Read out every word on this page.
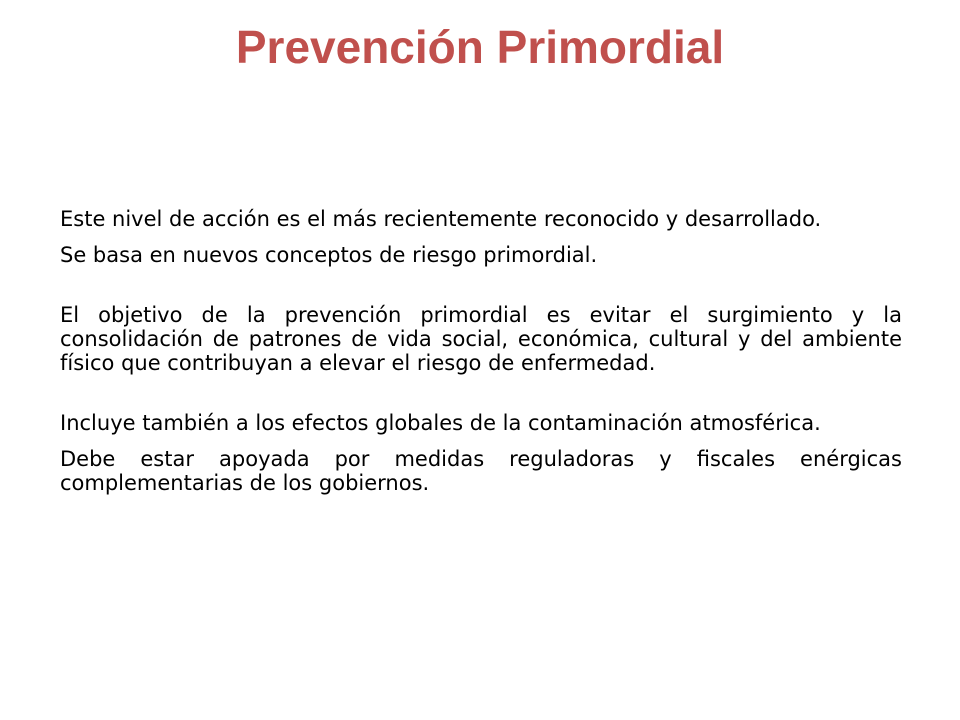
Prevención Primordial

Este nivel de acción es el más recientemente reconocido y desarrollado.

Se basa en nuevos conceptos de riesgo primordial.

El objetivo de la prevención primordial es evitar el surgimiento y la consolidación de patrones de vida social, económica, cultural y del ambiente físico que contribuyan a elevar el riesgo de enfermedad.

Incluye también a los efectos globales de la contaminación atmosférica.

Debe estar apoyada por medidas reguladoras y fiscales enérgicas complementarias de los gobiernos.
